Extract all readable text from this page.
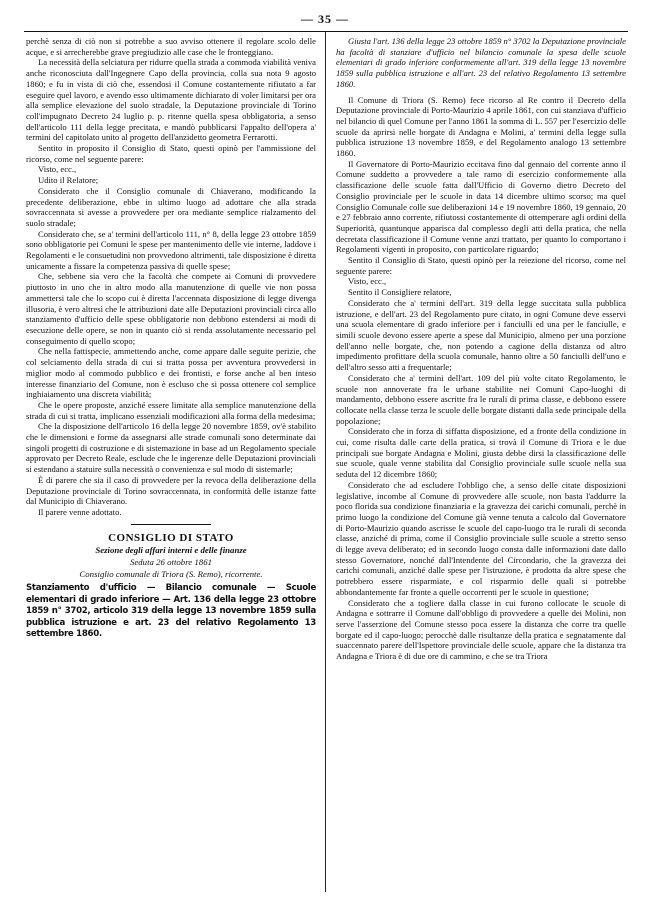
— 35 —

perchè senza di ciò non si potrebbe a suo avviso ottenere il regolare scolo delle acque, e si arrecherebbe grave pregiudizio alle case che le fronteggiano.

La necessità della selciatura per ridurre quella strada a commoda viabilità veniva anche riconosciuta dall'Ingegnere Capo della provincia, colla sua nota 9 agosto 1860; e fu in vista di ciò che, essendosi il Comune costantemente rifiutato a far eseguire quel lavoro, e avendo esso ultimamente dichiarato di voler limitarsi per ora alla semplice elevazione del suolo stradale, la Deputazione provinciale di Torino coll'impugnato Decreto 24 luglio p. p. ritenne quella spesa obbligatoria, a senso dell'articolo 111 della legge precitata, e mandò pubblicarsi l'appalto dell'opera a' termini del capitolato unito al progetto dell'anzidetto geometra Ferrarotti.

Sentito in proposito il Consiglio di Stato, questi opinò per l'ammissione del ricorso, come nel seguente parere:

Visto, ecc.,

Udito il Relatore;

Considerato che il Consiglio comunale di Chiaverano, modificando la precedente deliberazione, ebbe in ultimo luogo ad adottare che alla strada sovraccennata si avesse a provvedere per ora mediante semplice rialzamento del suolo stradale;

Considerato che, se a' termini dell'articolo 111, n° 8, della legge 23 ottobre 1859 sono obbligatorie pei Comuni le spese per mantenimento delle vie interne, laddove i Regolamenti e le consuetudini non provvedono altrimenti, tale disposizione è diretta unicamente a fissare la competenza passiva di quelle spese;

Che, sebbene sia vero che la facoltà che compete ai Comuni di provvedere piuttosto in uno che in altro modo alla manutenzione di quelle vie non possa ammettersi tale che lo scopo cui è diretta l'accennata disposizione di legge divenga illusoria, è vero altresì che le attribuzioni date alle Deputazioni provinciali circa allo stanziamento d'ufficio delle spese obbligatorie non debbono estendersi ai modi di esecuzione delle opere, se non in quanto ciò si renda assolutamente necessario pel conseguimento di quello scopo;

Che nella fattispecie, ammettendo anche, come appare dalle seguite perizie, che col selciamento della strada di cui si tratta possa per avventura provvedersi in miglior modo al commodo pubblico e dei frontisti, e forse anche al ben inteso interesse finanziario del Comune, non è escluso che si possa ottenere col semplice inghiaiamento una discreta viabilità;

Che le opere proposte, anziché essere limitate alla semplice manutenzione della strada di cui si tratta, implicano essenziali modificazioni alla forma della medesima;

Che la disposizione dell'articolo 16 della legge 20 novembre 1859, ov'è stabilito che le dimensioni e forme da assegnarsi alle strade comunali sono determinate dai singoli progetti di costruzione e di sistemazione in base ad un Regolamento speciale approvato per Decreto Reale, esclude che le ingerenze delle Deputazioni provinciali si estendano a statuire sulla necessità o convenienza e sul modo di sistemarle;

È di parere che sia il caso di provvedere per la revoca della deliberazione della Deputazione provinciale di Torino sovraccennata, in conformità delle istanze fatte dal Municipio di Chiaverano.

Il parere venne adottato.

CONSIGLIO DI STATO
Sezione degli affari interni e delle finanze
Seduta 26 ottobre 1861
Consiglio comunale di Triora (S. Remo), ricorrente.
Stanziamento d'ufficio — Bilancio comunale — Scuole elementari di grado inferiore — Art. 136 della legge 23 ottobre 1859 n° 3702, articolo 319 della legge 13 novembre 1859 sulla pubblica istruzione e art. 23 del relativo Regolamento 13 settembre 1860.

Giusta l'art. 136 della legge 23 ottobre 1859 n° 3702 la Deputazione provinciale ha facoltà di stanziare d'ufficio nel bilancio comunale la spesa delle scuole elementari di grado inferiore conformemente all'art. 319 della legge 13 novembre 1859 sulla pubblica istruzione e all'art. 23 del relativo Regolamento 13 settembre 1860.

Il Comune di Triora (S. Remo) fece ricorso al Re contro il Decreto della Deputazione provinciale di Porto-Maurizio 4 aprile 1861, con cui stanziava d'ufficio nel bilancio di quel Comune per l'anno 1861 la somma di L. 557 per l'esercizio delle scuole da aprirsi nelle borgate di Andagna e Molini, a' termini della legge sulla pubblica istruzione 13 novembre 1859, e del Regolamento analogo 13 settembre 1860.

Il Governatore di Porto-Maurizio eccitava fino dal gennaio del corrente anno il Comune suddetto a provvedere a tale ramo di esercizio conformemente alla classificazione delle scuole fatta dall'Ufficio di Governo dietro Decreto del Consiglio provinciale per le scuole in data 14 dicembre ultimo scorso; ma quel Consiglio Comunale colle sue deliberazioni 14 e 19 novembre 1860, 19 gennaio, 20 e 27 febbraio anno corrente, rifiutossi costantemente di ottemperare agli ordini della Superiorità, quantunque apparisca dal complesso degli atti della pratica, che nella decretata classificazione il Comune venne anzi trattato, per quanto lo comportano i Regolamenti vigenti in proposito, con particolare riguardo;

Sentito il Consiglio di Stato, questi opinò per la reiezione del ricorso, come nel seguente parere:

Visto, ecc.,

Sentito il Consigliere relatore,

Considerato che a' termini dell'art. 319 della legge succitata sulla pubblica istruzione, e dell'art. 23 del Regolamento pure citato, in ogni Comune deve esservi una scuola elementare di grado inferiore per i fanciulli ed una per le fanciulle, e simili scuole devono essere aperte a spese dal Municipio, almeno per una porzione dell'anno nelle borgate, che, non potendo a cagione della distanza od altro impedimento profittare della scuola comunale, hanno oltre a 50 fanciulli dell'uno e dell'altro sesso atti a frequentarle;

Considerato che a' termini dell'art. 109 del più volte citato Regolamento, le scuole non annoverate fra le urbane stabilite nei Comuni Capo-luoghi di mandamento, debbono essere ascritte fra le rurali di prima classe, e debbono essere collocate nella classe terza le scuole delle borgate distanti dalla sede principale della popolazione;

Considerato che in forza di siffatta disposizione, ed a fronte della condizione in cui, come risulta dalle carte della pratica, si trovà il Comune di Triora e le due principali sue borgate Andagna e Molini, giusta debbe dirsi la classificazione delle sue scuole, quale venne stabilita dal Consiglio provinciale sulle scuole nella sua seduta del 12 dicembre 1860;

Considerato che ad escludere l'obbligo che, a senso delle citate disposizioni legislative, incombe al Comune di provvedere alle scuole, non basta l'addurre la poco florida sua condizione finanziaria e la gravezza dei carichi comunali, perchè in primo luogo la condizione del Comune già venne tenuta a calcolo dal Governatore di Porto-Maurizio quando ascrisse le scuole del capo-luogo tra le rurali di seconda classe, anziché di prima, come il Consiglio provinciale sulle scuole a stretto senso di legge aveva deliberato; ed in secondo luogo consta dalle informazioni date dallo stesso Governatore, nonché dall'Intendente del Circondario, che la gravezza dei carichi comunali, anziché dalle spese per l'istruzione, è prodotta da altre spese che potrebbero essere risparmiate, e col risparmio delle quali si potrebbe abbondantemente far fronte a quelle occorrenti per le scuole in questione;

Considerato che a togliere dalla classe in cui furono collocate le scuole di Andagna e sottrarre il Comune dall'obbligo di provvedere a quelle dei Molini, non serve l'asserzione del Comune stesso poca essere la distanza che corre tra quelle borgate ed il capo-luogo; perocchè dalle risultanze della pratica e segnatamente dal suaccennato parere dell'Ispettore provinciale delle scuole, appare che la distanza tra Andagna e Triora è di due ore di cammino, e che se tra Triora
